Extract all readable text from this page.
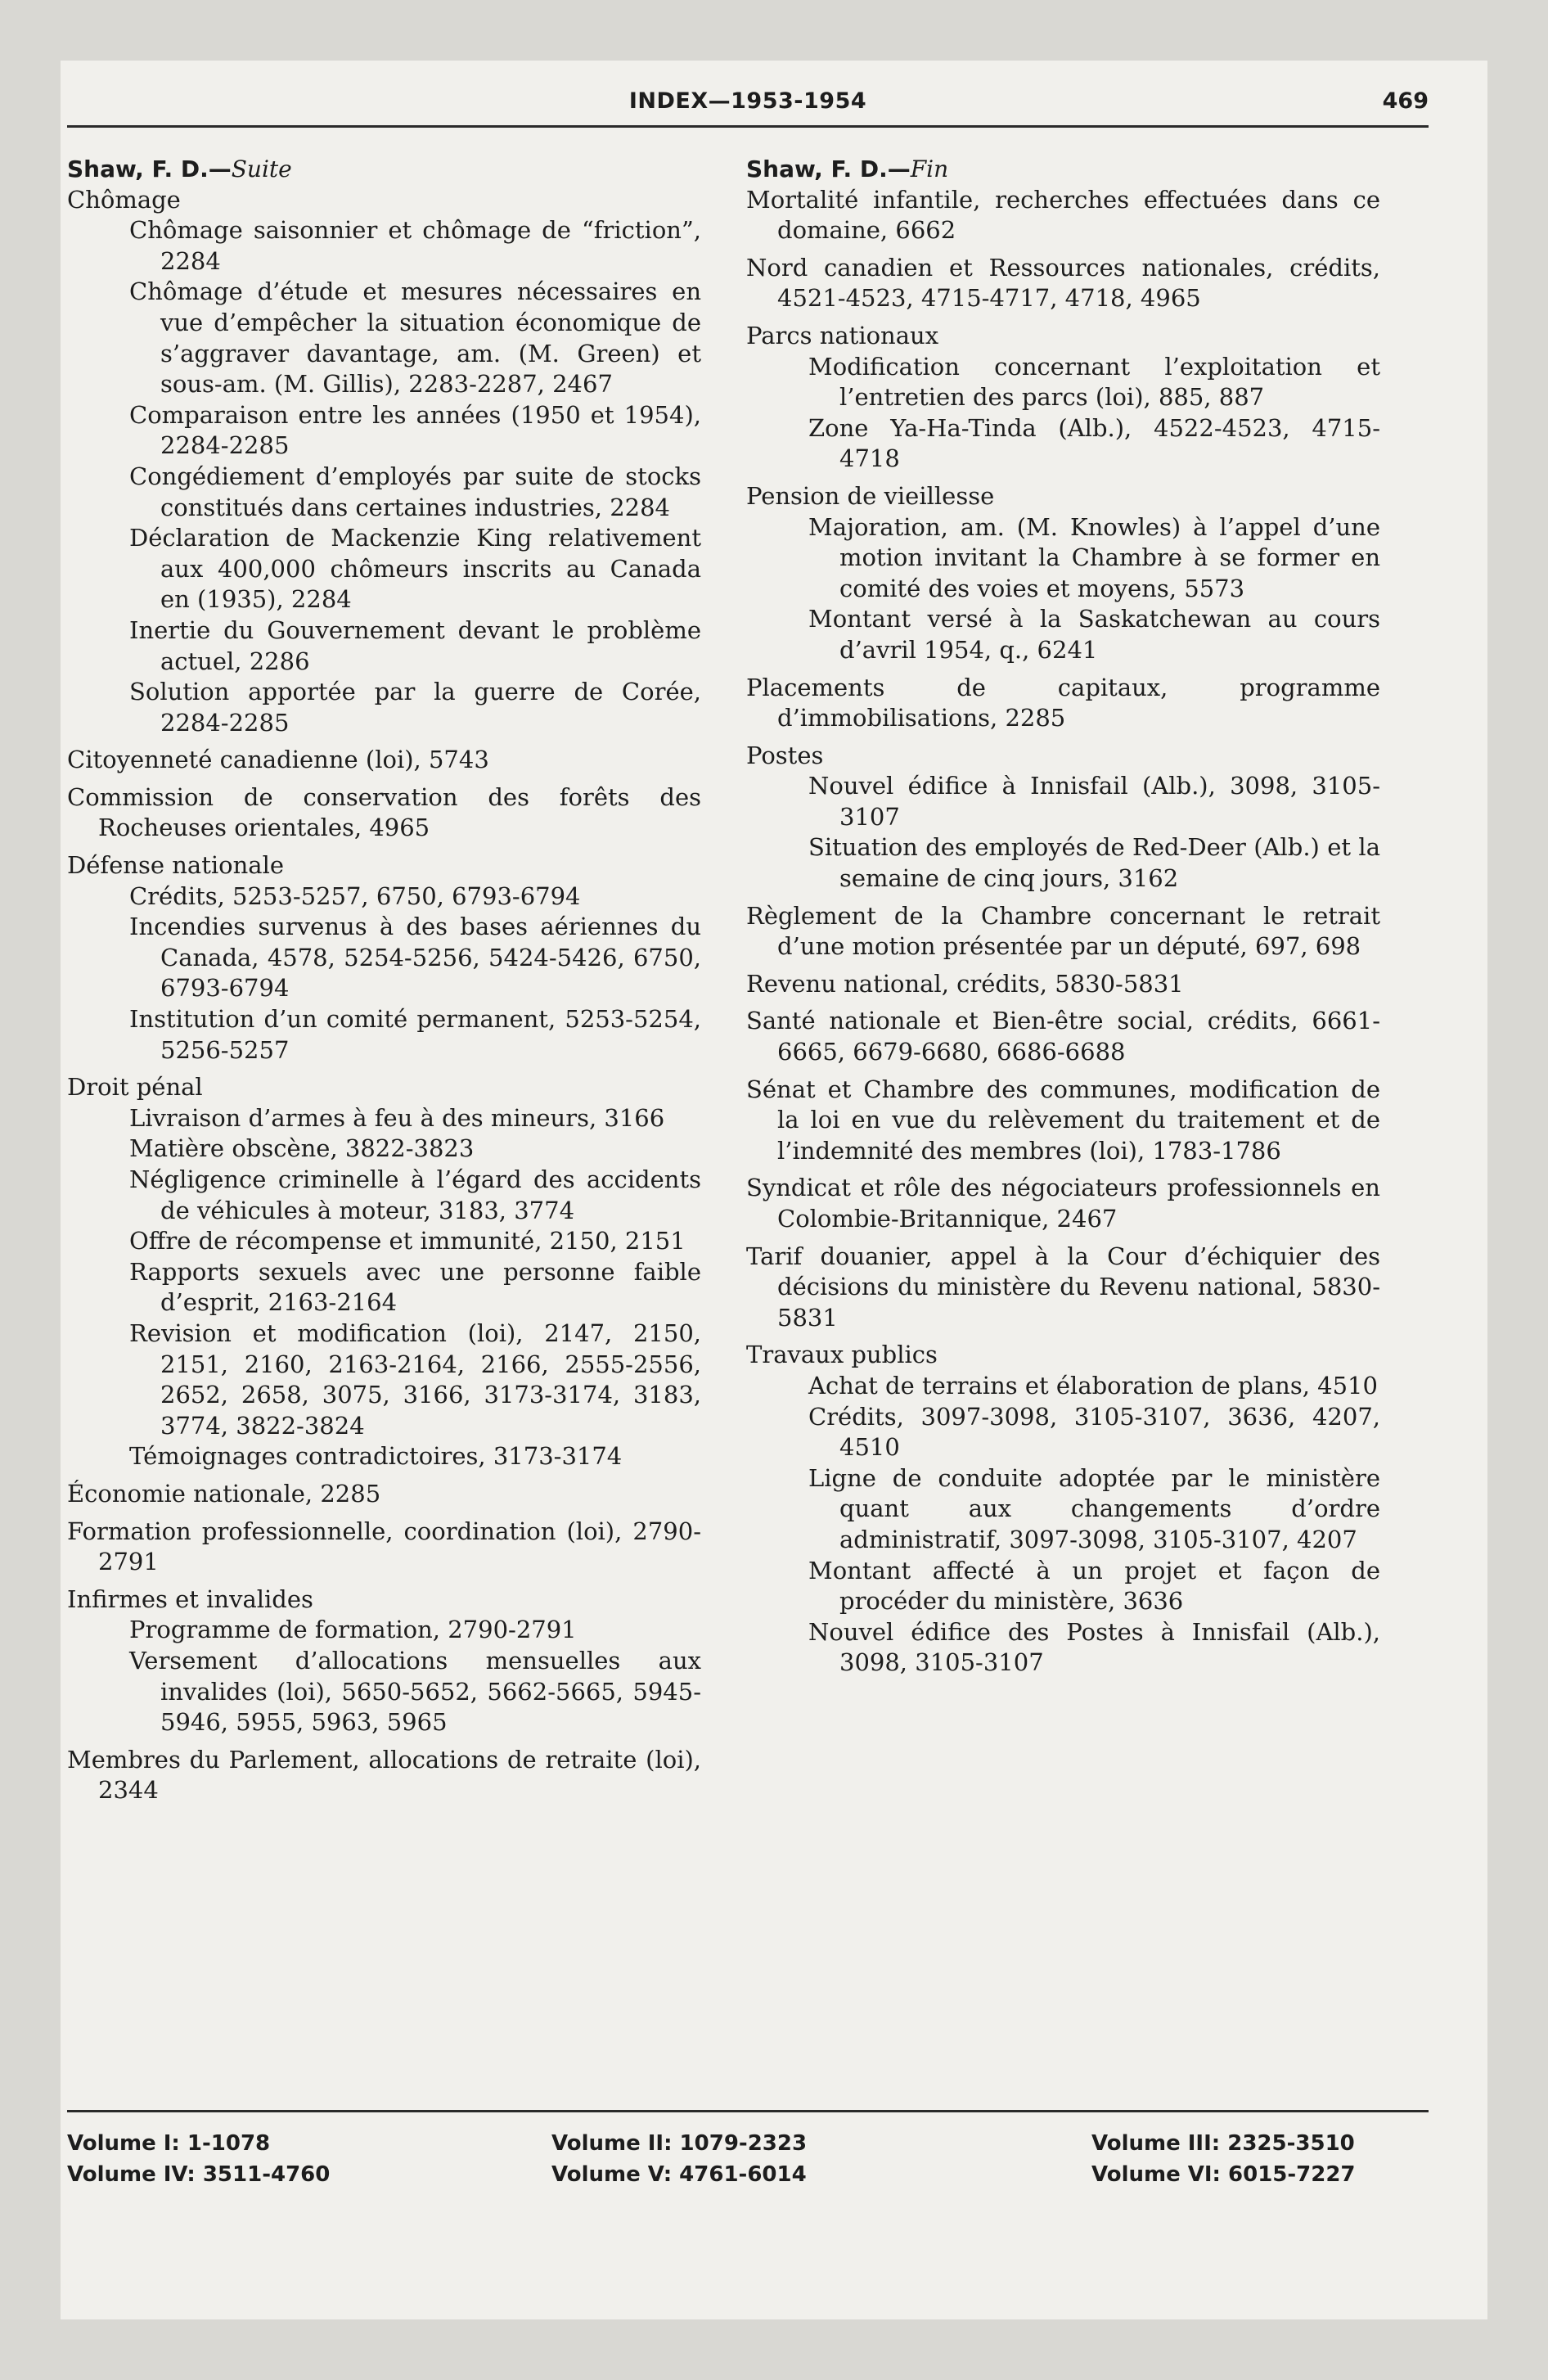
INDEX—1953-1954	469

Shaw, F. D.—Suite

Chômage

Chômage saisonnier et chômage de “friction”, 2284

Chômage d’étude et mesures nécessaires en vue d’empêcher la situation économique de s’aggraver davantage, am. (M. Green) et sous-am. (M. Gillis), 2283-2287, 2467

Comparaison entre les années (1950 et 1954), 2284-2285

Congédiement d’employés par suite de stocks constitués dans certaines industries, 2284

Déclaration de Mackenzie King relativement aux 400,000 chômeurs inscrits au Canada en (1935), 2284

Inertie du Gouvernement devant le problème actuel, 2286

Solution apportée par la guerre de Corée, 2284-2285

Citoyenneté canadienne (loi), 5743

Commission de conservation des forêts des Rocheuses orientales, 4965

Défense nationale

Crédits, 5253-5257, 6750, 6793-6794

Incendies survenus à des bases aériennes du Canada, 4578, 5254-5256, 5424-5426, 6750, 6793-6794

Institution d’un comité permanent, 5253-5254, 5256-5257

Droit pénal

Livraison d’armes à feu à des mineurs, 3166

Matière obscène, 3822-3823

Négligence criminelle à l’égard des accidents de véhicules à moteur, 3183, 3774

Offre de récompense et immunité, 2150, 2151

Rapports sexuels avec une personne faible d’esprit, 2163-2164

Revision et modification (loi), 2147, 2150, 2151, 2160, 2163-2164, 2166, 2555-2556, 2652, 2658, 3075, 3166, 3173-3174, 3183, 3774, 3822-3824

Témoignages contradictoires, 3173-3174

Économie nationale, 2285

Formation professionnelle, coordination (loi), 2790-2791

Infirmes et invalides

Programme de formation, 2790-2791

Versement d’allocations mensuelles aux invalides (loi), 5650-5652, 5662-5665, 5945-5946, 5955, 5963, 5965

Membres du Parlement, allocations de retraite (loi), 2344

Shaw, F. D.—Fin

Mortalité infantile, recherches effectuées dans ce domaine, 6662

Nord canadien et Ressources nationales, crédits, 4521-4523, 4715-4717, 4718, 4965

Parcs nationaux

Modification concernant l’exploitation et l’entretien des parcs (loi), 885, 887

Zone Ya-Ha-Tinda (Alb.), 4522-4523, 4715-4718

Pension de vieillesse

Majoration, am. (M. Knowles) à l’appel d’une motion invitant la Chambre à se former en comité des voies et moyens, 5573

Montant versé à la Saskatchewan au cours d’avril 1954, q., 6241

Placements de capitaux, programme d’immobilisations, 2285

Postes

Nouvel édifice à Innisfail (Alb.), 3098, 3105-3107

Situation des employés de Red-Deer (Alb.) et la semaine de cinq jours, 3162

Règlement de la Chambre concernant le retrait d’une motion présentée par un député, 697, 698

Revenu national, crédits, 5830-5831

Santé nationale et Bien-être social, crédits, 6661-6665, 6679-6680, 6686-6688

Sénat et Chambre des communes, modification de la loi en vue du relèvement du traitement et de l’indemnité des membres (loi), 1783-1786

Syndicat et rôle des négociateurs professionnels en Colombie-Britannique, 2467

Tarif douanier, appel à la Cour d’échiquier des décisions du ministère du Revenu national, 5830-5831

Travaux publics

Achat de terrains et élaboration de plans, 4510

Crédits, 3097-3098, 3105-3107, 3636, 4207, 4510

Ligne de conduite adoptée par le ministère quant aux changements d’ordre administratif, 3097-3098, 3105-3107, 4207

Montant affecté à un projet et façon de procéder du ministère, 3636

Nouvel édifice des Postes à Innisfail (Alb.), 3098, 3105-3107

Volume I: 1-1078	Volume II: 1079-2323	Volume III: 2325-3510
Volume IV: 3511-4760	Volume V: 4761-6014	Volume VI: 6015-7227
